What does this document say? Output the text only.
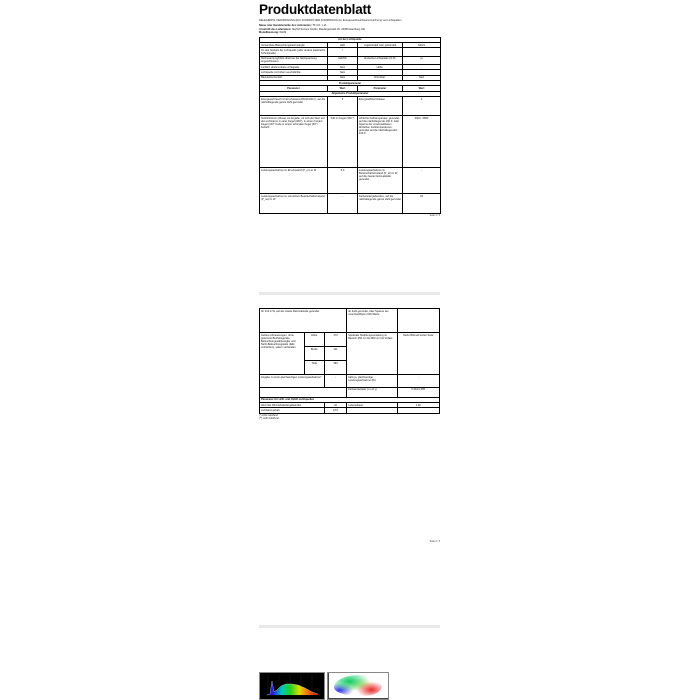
Produktdatenblatt
DELEGIERTE VERORDNUNG (EU) 2019/2015 DER KOMMISSION zur Energieverbrauchskennzeichnung von Lichtquellen
Name oder Handelsmarke des Lieferanten: TK CO., Ltd.
Anschrift des Lieferanten: Skyfrid Service GmbH, Roedingsmarkt 20, 20459 Hamburg, DE
Modellkennung: KH09
Art der Lichtquelle:			
Verwendete Beleuchtungstechnologie:	LED	ungebündelt oder gebündelt	NDLS
Art des Sockels der Lichtquelle (oder andere elektrische Schnittstelle):	/		
Netzspannung/Nicht direkt an die Netzspannung angeschlossen:	MAINS	Vernetzte Lichtquelle (CLS):	ja
Farblich abstimmbare Lichtquelle:	Nein	Hülle:	-
Lichtquelle mit hoher Leuchtdichte:	Nein		
Blendschutzschild:	Nein	Dimmbar:	Nein
Produktparameter			
Parameter	Wert	Parameter	Wert
Allgemeine Produktparameter			
Energieverbrauch im Ein-Zustand (kWh/1000 h), auf die nächstliegende ganze Zahl gerundet	5	Energieeffizienzklasse	F
Nutzlichtstrom (Φuse) mit Angabe, ob sich der Wert auf den Lichtstrom in einer Kugel (360°), in einem breiten Kegel (120° Code in einem schmalen Kegel (60°) bezieht	540 lm Kugel (360 °)	Ähnliche Farbtemperatur, gerundet auf die nächstliegende 100 K, oder Spanne der voreinstellbaren ähnlichen Farbtemperaturen, gerundet auf die nächstliegenden 100 K	3000...5860
Leistungsaufnahme im Ein-Zustand (P_on) in W	5,0	Leistungsaufnahme im Bereitschaftszustand (P_sb) in W, auf die zweite Dezimalstelle gerundet	-
Leistungsaufnahme im vernetzten Bereitschaftszustand (P_net) in W	-	Farbwiedergabeindex, auf die nächstliegende ganze Zahl gerundet	94
Seite 1 / 3
für 213 in W, auf die zweite Dezimalstelle gerundet			an Zahl gerundet, oder Spanne der voreinstellbaren CRI-Werte	
Äußere Abmessungen, ohne getrennte Betriebsgeräte, Beleuchtungsstärkeregler und Nicht-Beleuchtungsteile (falls vorhanden), sofern vorhanden	Höhe	170	Spektrale Strahlungsverteilung im Bereich 250 nm bis 800 nm bei Vollast	Siehe Bild auf letzter Seite
	Breite	111		
	Tiefe	390		
Angabe zu einer gleichwertigen Leistungsaufnahme*		-	Falls ja, gleichwertige Leistungsaufnahme (W)	-
			Farbwertanteile (x und y)	0,364 0,355
Parameter für LED- und OLED-Lichtquellen				
Wert des R9-Farbwiedergabeindex		32	Lebensdauer	1,00
Lichtstromerhalt		0,57		
(*) nicht zutreffend
(**) nicht zutreffend
Seite 2 / 3
